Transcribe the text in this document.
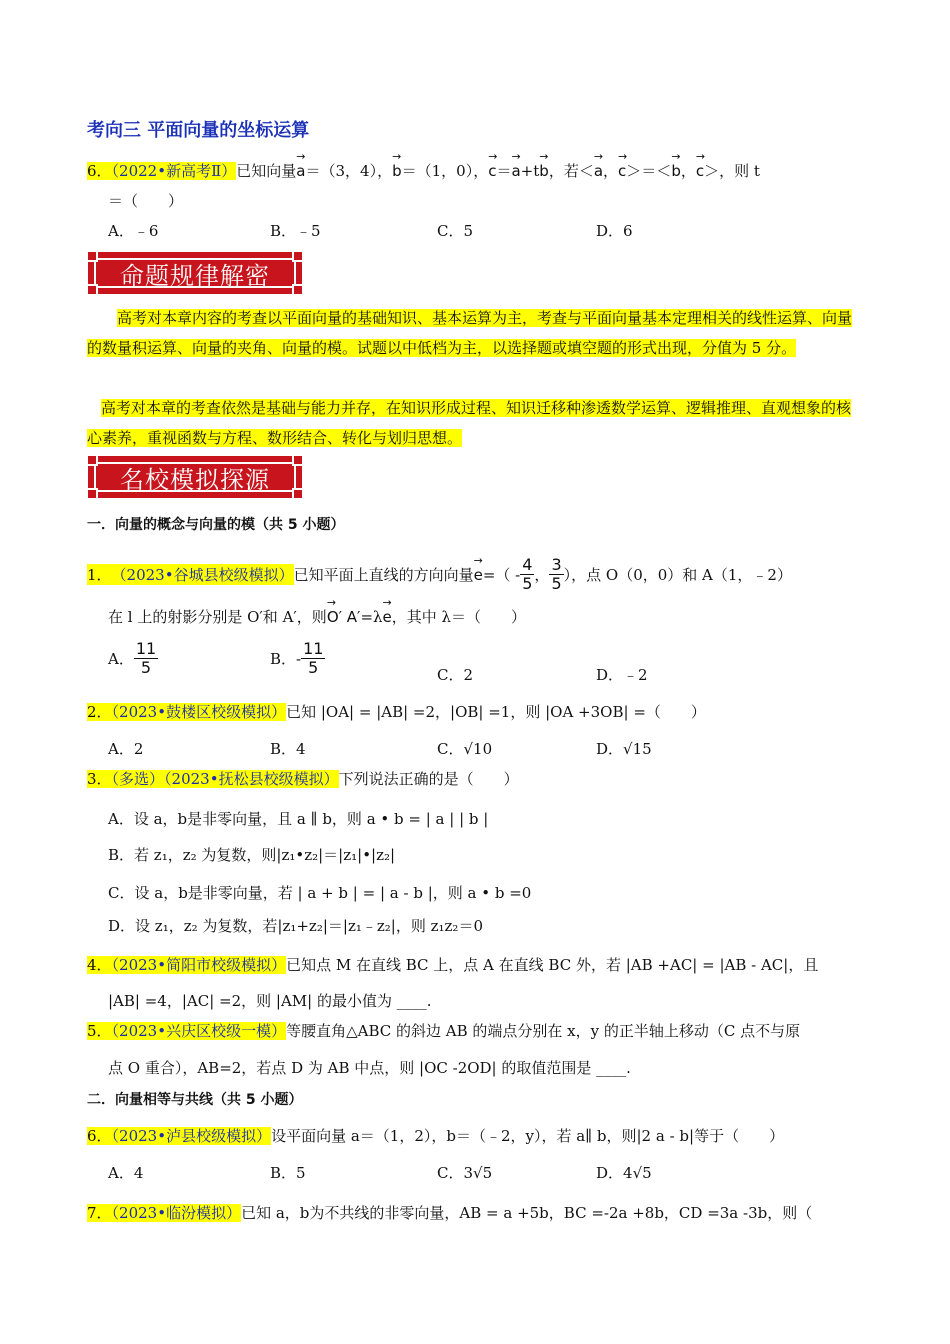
考向三 平面向量的坐标运算
6．（2022•新高考Ⅱ）已知向量→ a＝（3，4），→ b＝（1，0），→ c＝→ a+t→ b，若＜→ a，→ c＞＝＜→ b，→ c＞，则 t
＝（　　）
A．﹣6	B．﹣5	C．5	D．6
命题规律解密
高考对本章内容的考查以平面向量的基础知识、基本运算为主，考查与平面向量基本定理相关的线性运算、向量的数量积运算、向量的夹角、向量的模。试题以中低档为主，以选择题或填空题的形式出现，分值为 5 分。
高考对本章的考查依然是基础与能力并存，在知识形成过程、知识迁移种渗透数学运算、逻辑推理、直观想象的核心素养，重视函数与方程、数形结合、转化与划归思想。
名校模拟探源
一．向量的概念与向量的模（共 5 小题）
1． （2023•谷城县校级模拟） 已知平面上直线的方向向量
→ e =（ - $\frac{4}{5}$ ， $\frac{3}{5}$ ），点 O（0，0）和 A（1，﹣2）
在 l 上的射影分别是 O′和 A′，则→ O′ A′=λ→ e，其中 λ＝（　　）
A． $\frac{11}{5}$	B．- $\frac{11}{5}$	C．2	D．﹣2
2．（2023•鼓楼区校级模拟）已知 |OA| = |AB| =2，|OB| =1，则 |OA +3OB| =（　　）
A．2	B．4	C．√10	D．√15
3．（多选）（2023•抚松县校级模拟）下列说法正确的是（　　）
A．设 a，b是非零向量，且 a ∥ b，则 a • b = | a | | b |
B．若 z₁，z₂ 为复数，则|z₁•z₂|＝|z₁|•|z₂|
C．设 a，b是非零向量，若 | a + b | = | a - b |，则 a • b =0
D．设 z₁，z₂ 为复数，若|z₁+z₂|＝|z₁﹣z₂|，则 z₁z₂＝0
4．（2023•简阳市校级模拟）已知点 M 在直线 BC 上，点 A 在直线 BC 外，若 |AB +AC| = |AB - AC|，且
|AB| =4，|AC| =2，则 |AM| 的最小值为 ____.
5．（2023•兴庆区校级一模）等腰直角△ABC 的斜边 AB 的端点分别在 x，y 的正半轴上移动（C 点不与原
点 O 重合），AB=2，若点 D 为 AB 中点，则 |OC -2OD| 的取值范围是 ____.
二．向量相等与共线（共 5 小题）
6．（2023•泸县校级模拟）设平面向量 a＝（1，2），b＝（﹣2，y），若 a∥ b，则|2 a - b|等于（　　）
A．4	B．5	C．3√5	D．4√5
7．（2023•临汾模拟）已知 a，b为不共线的非零向量，AB = a +5b，BC =-2a +8b，CD =3a -3b，则（
